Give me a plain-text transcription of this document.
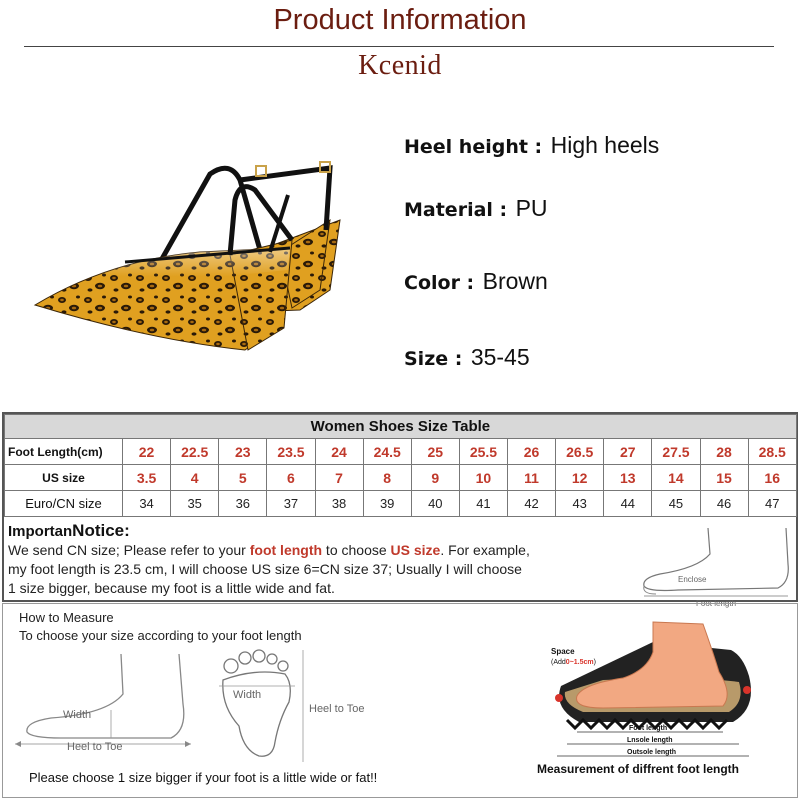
Product Information
Kcenid
Heel height : High heels
Material : PU
Color : Brown
Size : 35-45
Women Shoes Size Table														
Foot Length(cm)	22	22.5	23	23.5	24	24.5	25	25.5	26	26.5	27	27.5	28	28.5
US size	3.5	4	5	6	7	8	9	10	11	12	13	14	15	16
Euro/CN size	34	35	36	37	38	39	40	41	42	43	44	45	46	47
ImportanNotice:
We send CN size; Please refer to your foot length to choose US size. For example,
my foot length is 23.5 cm, I will choose US size 6=CN size 37; Usually I will choose
1 size bigger, because my foot is a little wide and fat.
Enclose
Foot length
How to Measure
To choose your size according to your foot length
Width
Heel to Toe
Width
Heel to Toe
Space
(Add0~1.5cm)
Foot length
Lnsole length
Outsole length
Measurement of diffrent foot length
Please choose 1 size bigger if your foot is a little wide or fat!!
